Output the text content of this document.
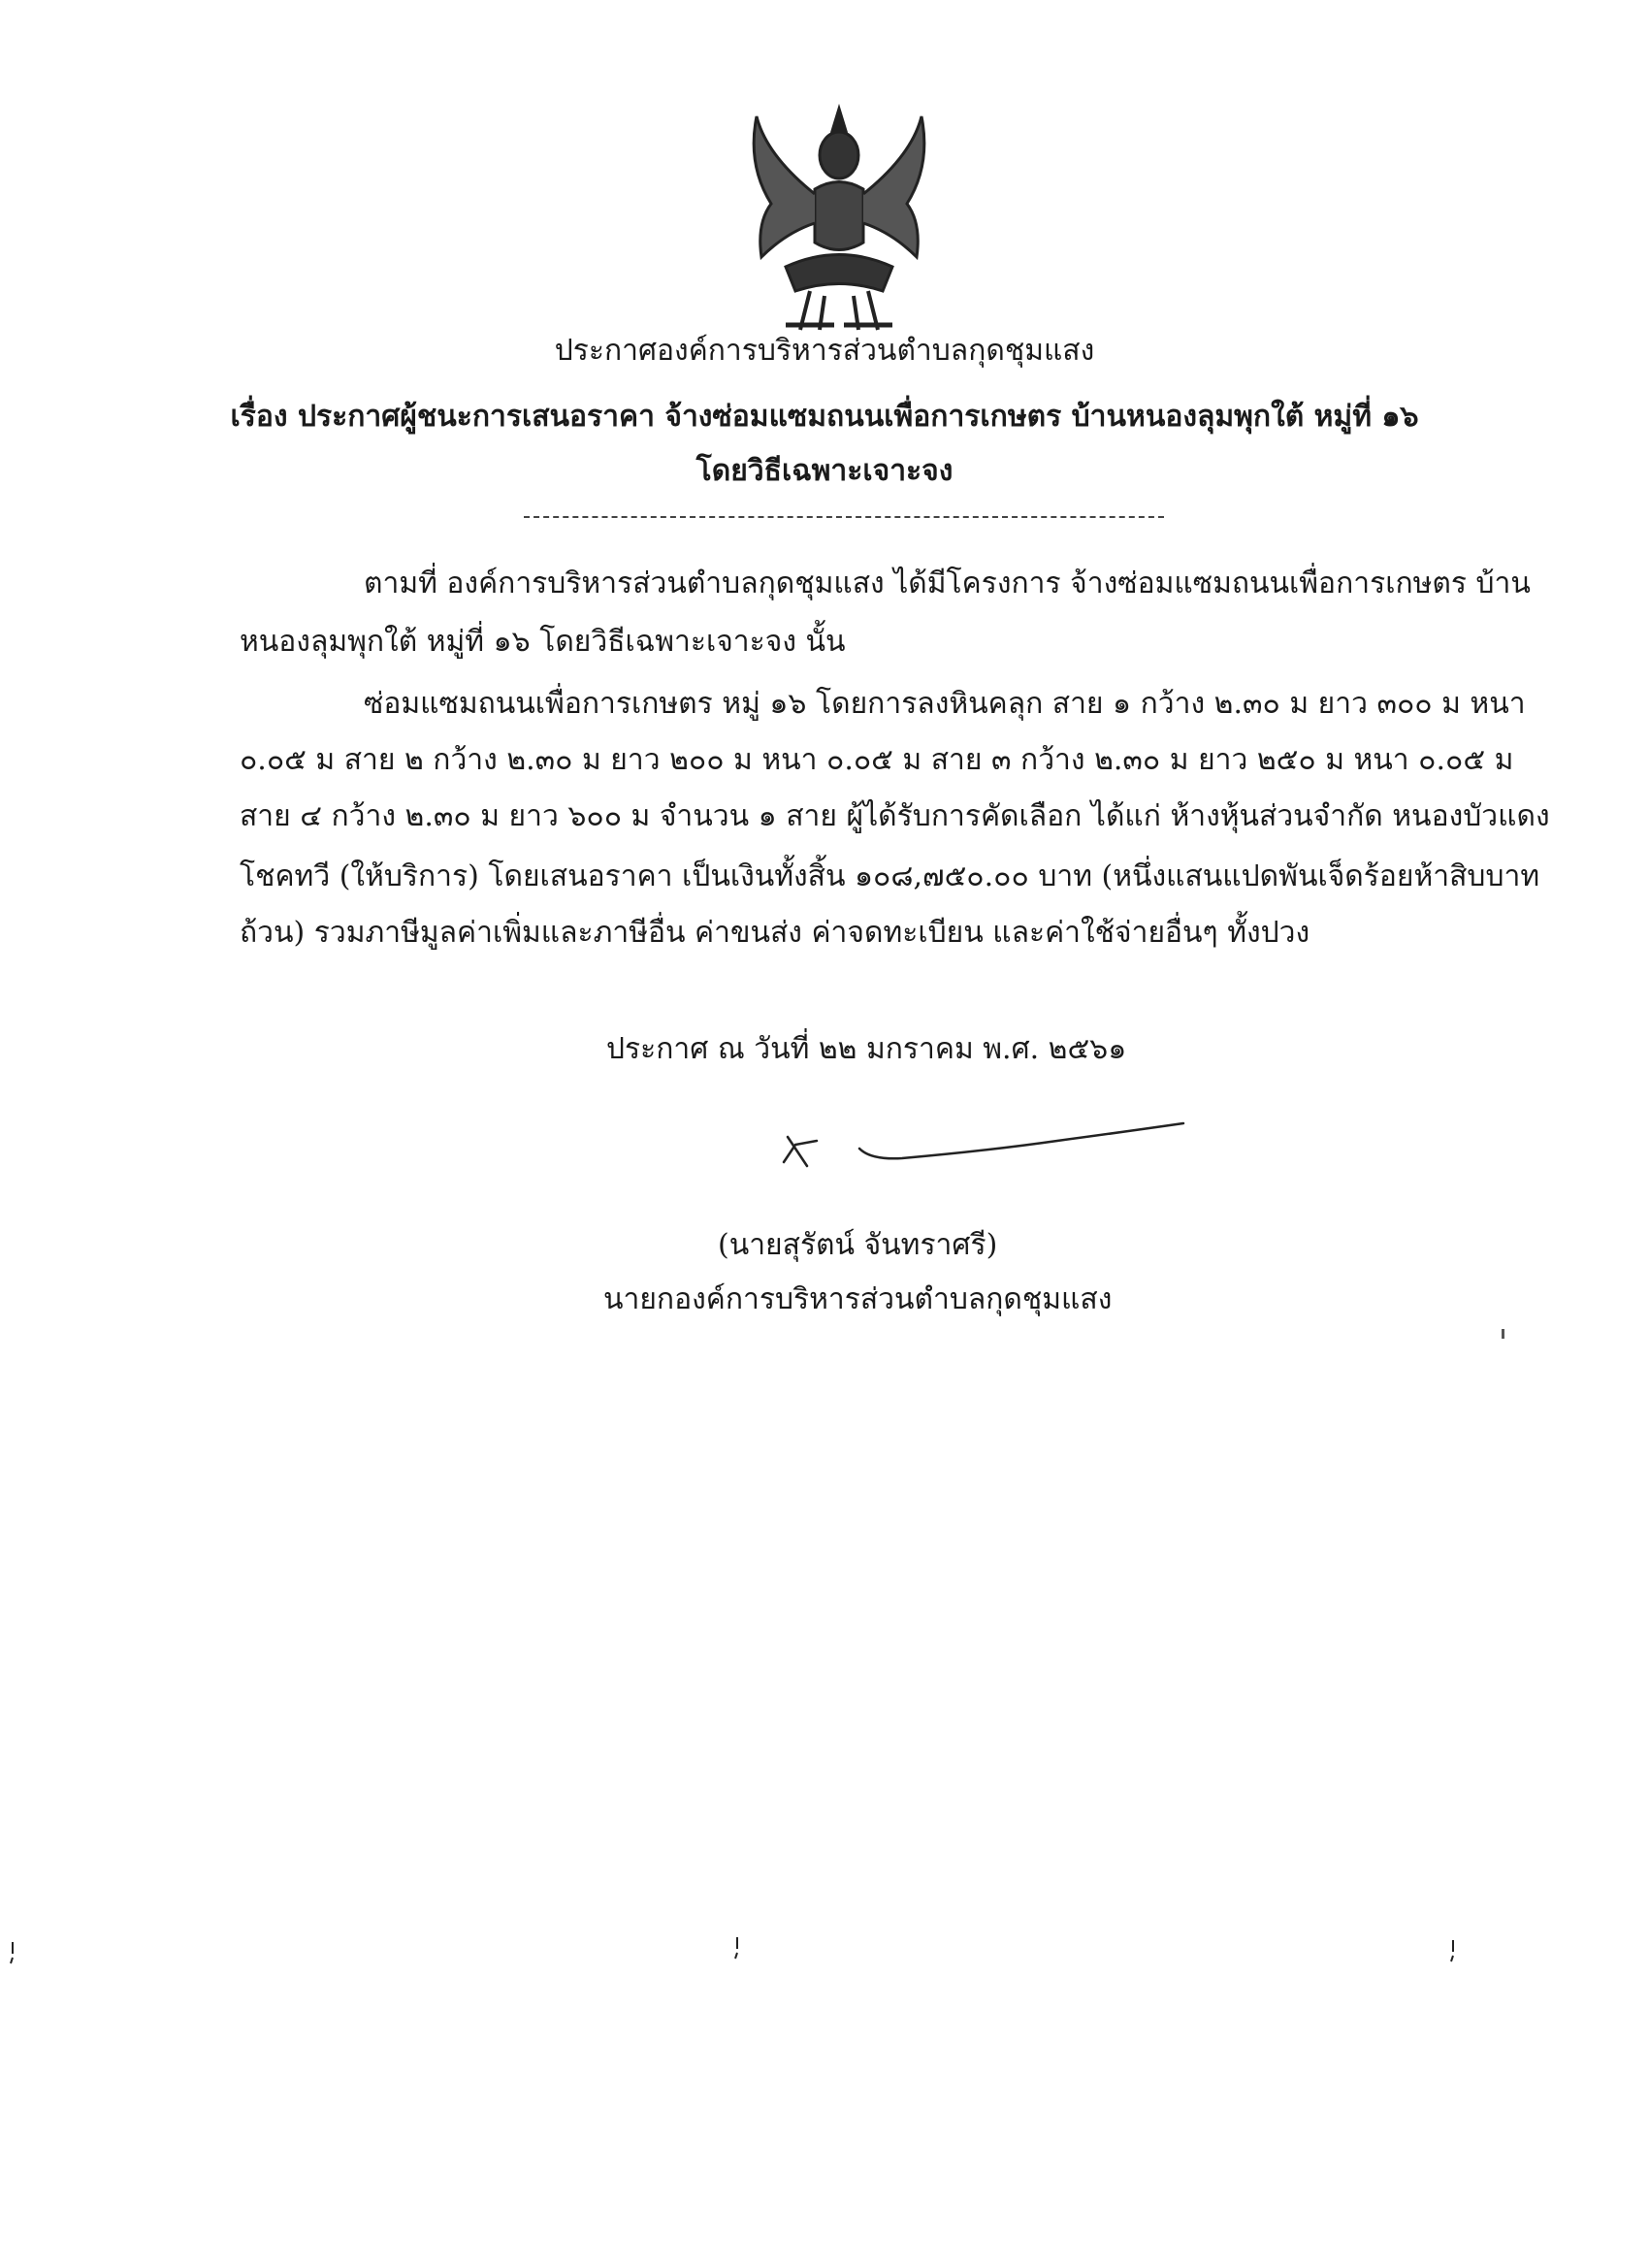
ประกาศองค์การบริหารส่วนตำบลกุดชุมแสง
เรื่อง ประกาศผู้ชนะการเสนอราคา จ้างซ่อมแซมถนนเพื่อการเกษตร บ้านหนองลุมพุกใต้ หมู่ที่ ๑๖
โดยวิธีเฉพาะเจาะจง
ตามที่ องค์การบริหารส่วนตำบลกุดชุมแสง ได้มีโครงการ จ้างซ่อมแซมถนนเพื่อการเกษตร บ้าน
หนองลุมพุกใต้ หมู่ที่ ๑๖ โดยวิธีเฉพาะเจาะจง นั้น
ซ่อมแซมถนนเพื่อการเกษตร หมู่ ๑๖ โดยการลงหินคลุก สาย ๑ กว้าง ๒.๓๐ ม ยาว ๓๐๐ ม หนา
๐.๐๕ ม สาย ๒ กว้าง ๒.๓๐ ม ยาว ๒๐๐ ม หนา ๐.๐๕ ม สาย ๓ กว้าง ๒.๓๐ ม ยาว ๒๕๐ ม หนา ๐.๐๕ ม
สาย ๔ กว้าง ๒.๓๐ ม ยาว ๖๐๐ ม จำนวน ๑ สาย ผู้ได้รับการคัดเลือก ได้แก่ ห้างหุ้นส่วนจำกัด หนองบัวแดง
โชคทวี (ให้บริการ) โดยเสนอราคา เป็นเงินทั้งสิ้น ๑๐๘,๗๕๐.๐๐ บาท (หนึ่งแสนแปดพันเจ็ดร้อยห้าสิบบาท
ถ้วน) รวมภาษีมูลค่าเพิ่มและภาษีอื่น ค่าขนส่ง ค่าจดทะเบียน และค่าใช้จ่ายอื่นๆ ทั้งปวง
ประกาศ ณ วันที่ ๒๒ มกราคม พ.ศ. ๒๕๖๑
(นายสุรัตน์ จันทราศรี)
นายกองค์การบริหารส่วนตำบลกุดชุมแสง
